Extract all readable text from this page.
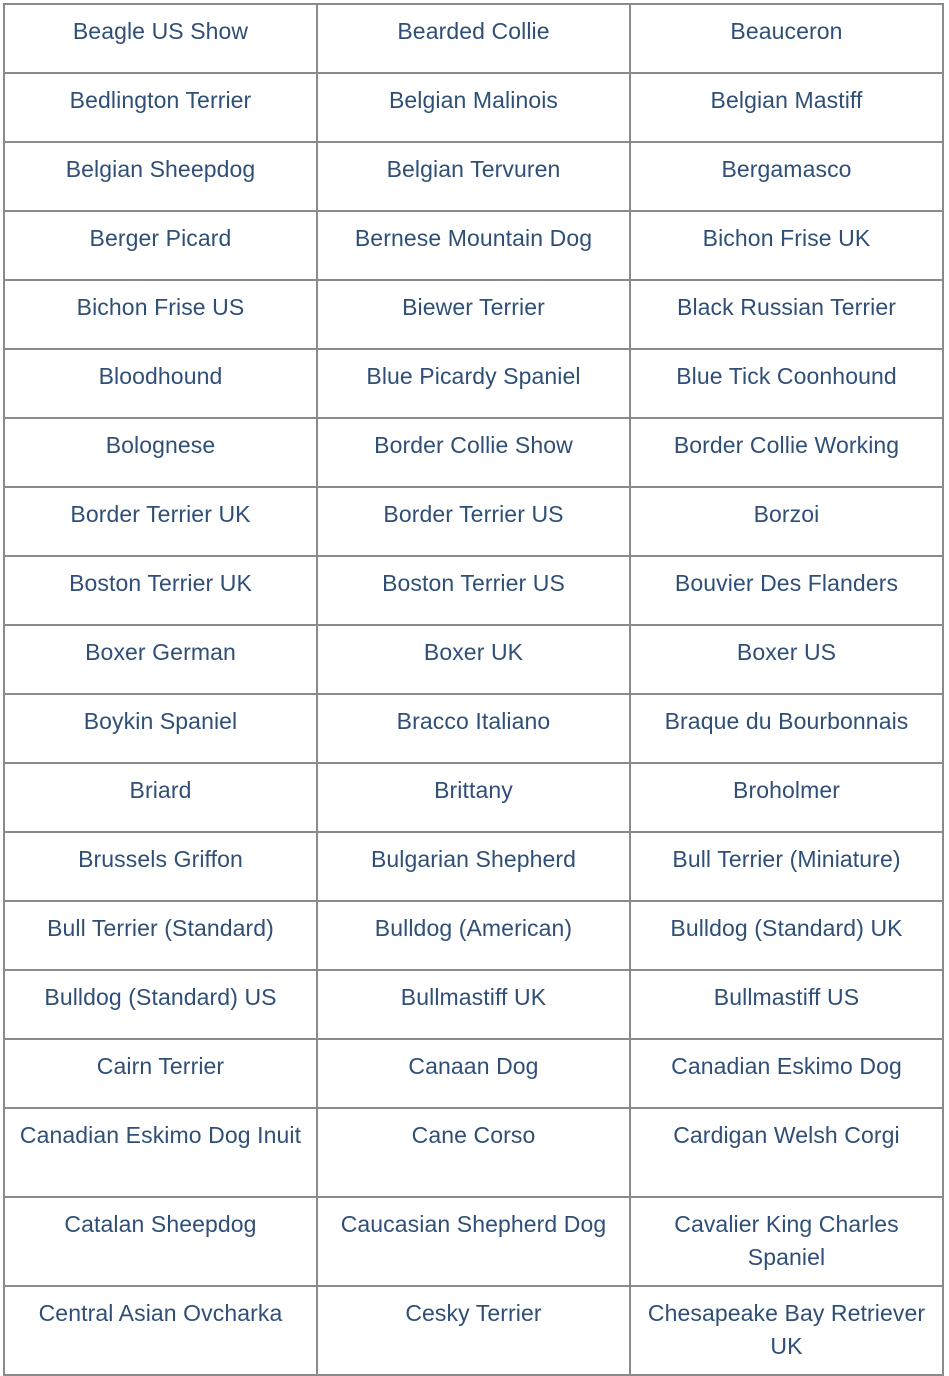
Beagle US Show	Bearded Collie	Beauceron

Bedlington Terrier	Belgian Malinois	Belgian Mastiff

Belgian Sheepdog	Belgian Tervuren	Bergamasco

Berger Picard	Bernese Mountain Dog	Bichon Frise UK

Bichon Frise US	Biewer Terrier	Black Russian Terrier

Bloodhound	Blue Picardy Spaniel	Blue Tick Coonhound

Bolognese	Border Collie Show	Border Collie Working

Border Terrier UK	Border Terrier US	Borzoi

Boston Terrier UK	Boston Terrier US	Bouvier Des Flanders

Boxer German	Boxer UK	Boxer US

Boykin Spaniel	Bracco Italiano	Braque du Bourbonnais

Briard	Brittany	Broholmer

Brussels Griffon	Bulgarian Shepherd	Bull Terrier (Miniature)

Bull Terrier (Standard)	Bulldog (American)	Bulldog (Standard) UK

Bulldog (Standard) US	Bullmastiff UK	Bullmastiff US

Cairn Terrier	Canaan Dog	Canadian Eskimo Dog

Canadian Eskimo Dog Inuit	Cane Corso	Cardigan Welsh Corgi

Catalan Sheepdog	Caucasian Shepherd Dog	Cavalier King Charles Spaniel

Central Asian Ovcharka	Cesky Terrier	Chesapeake Bay Retriever UK
